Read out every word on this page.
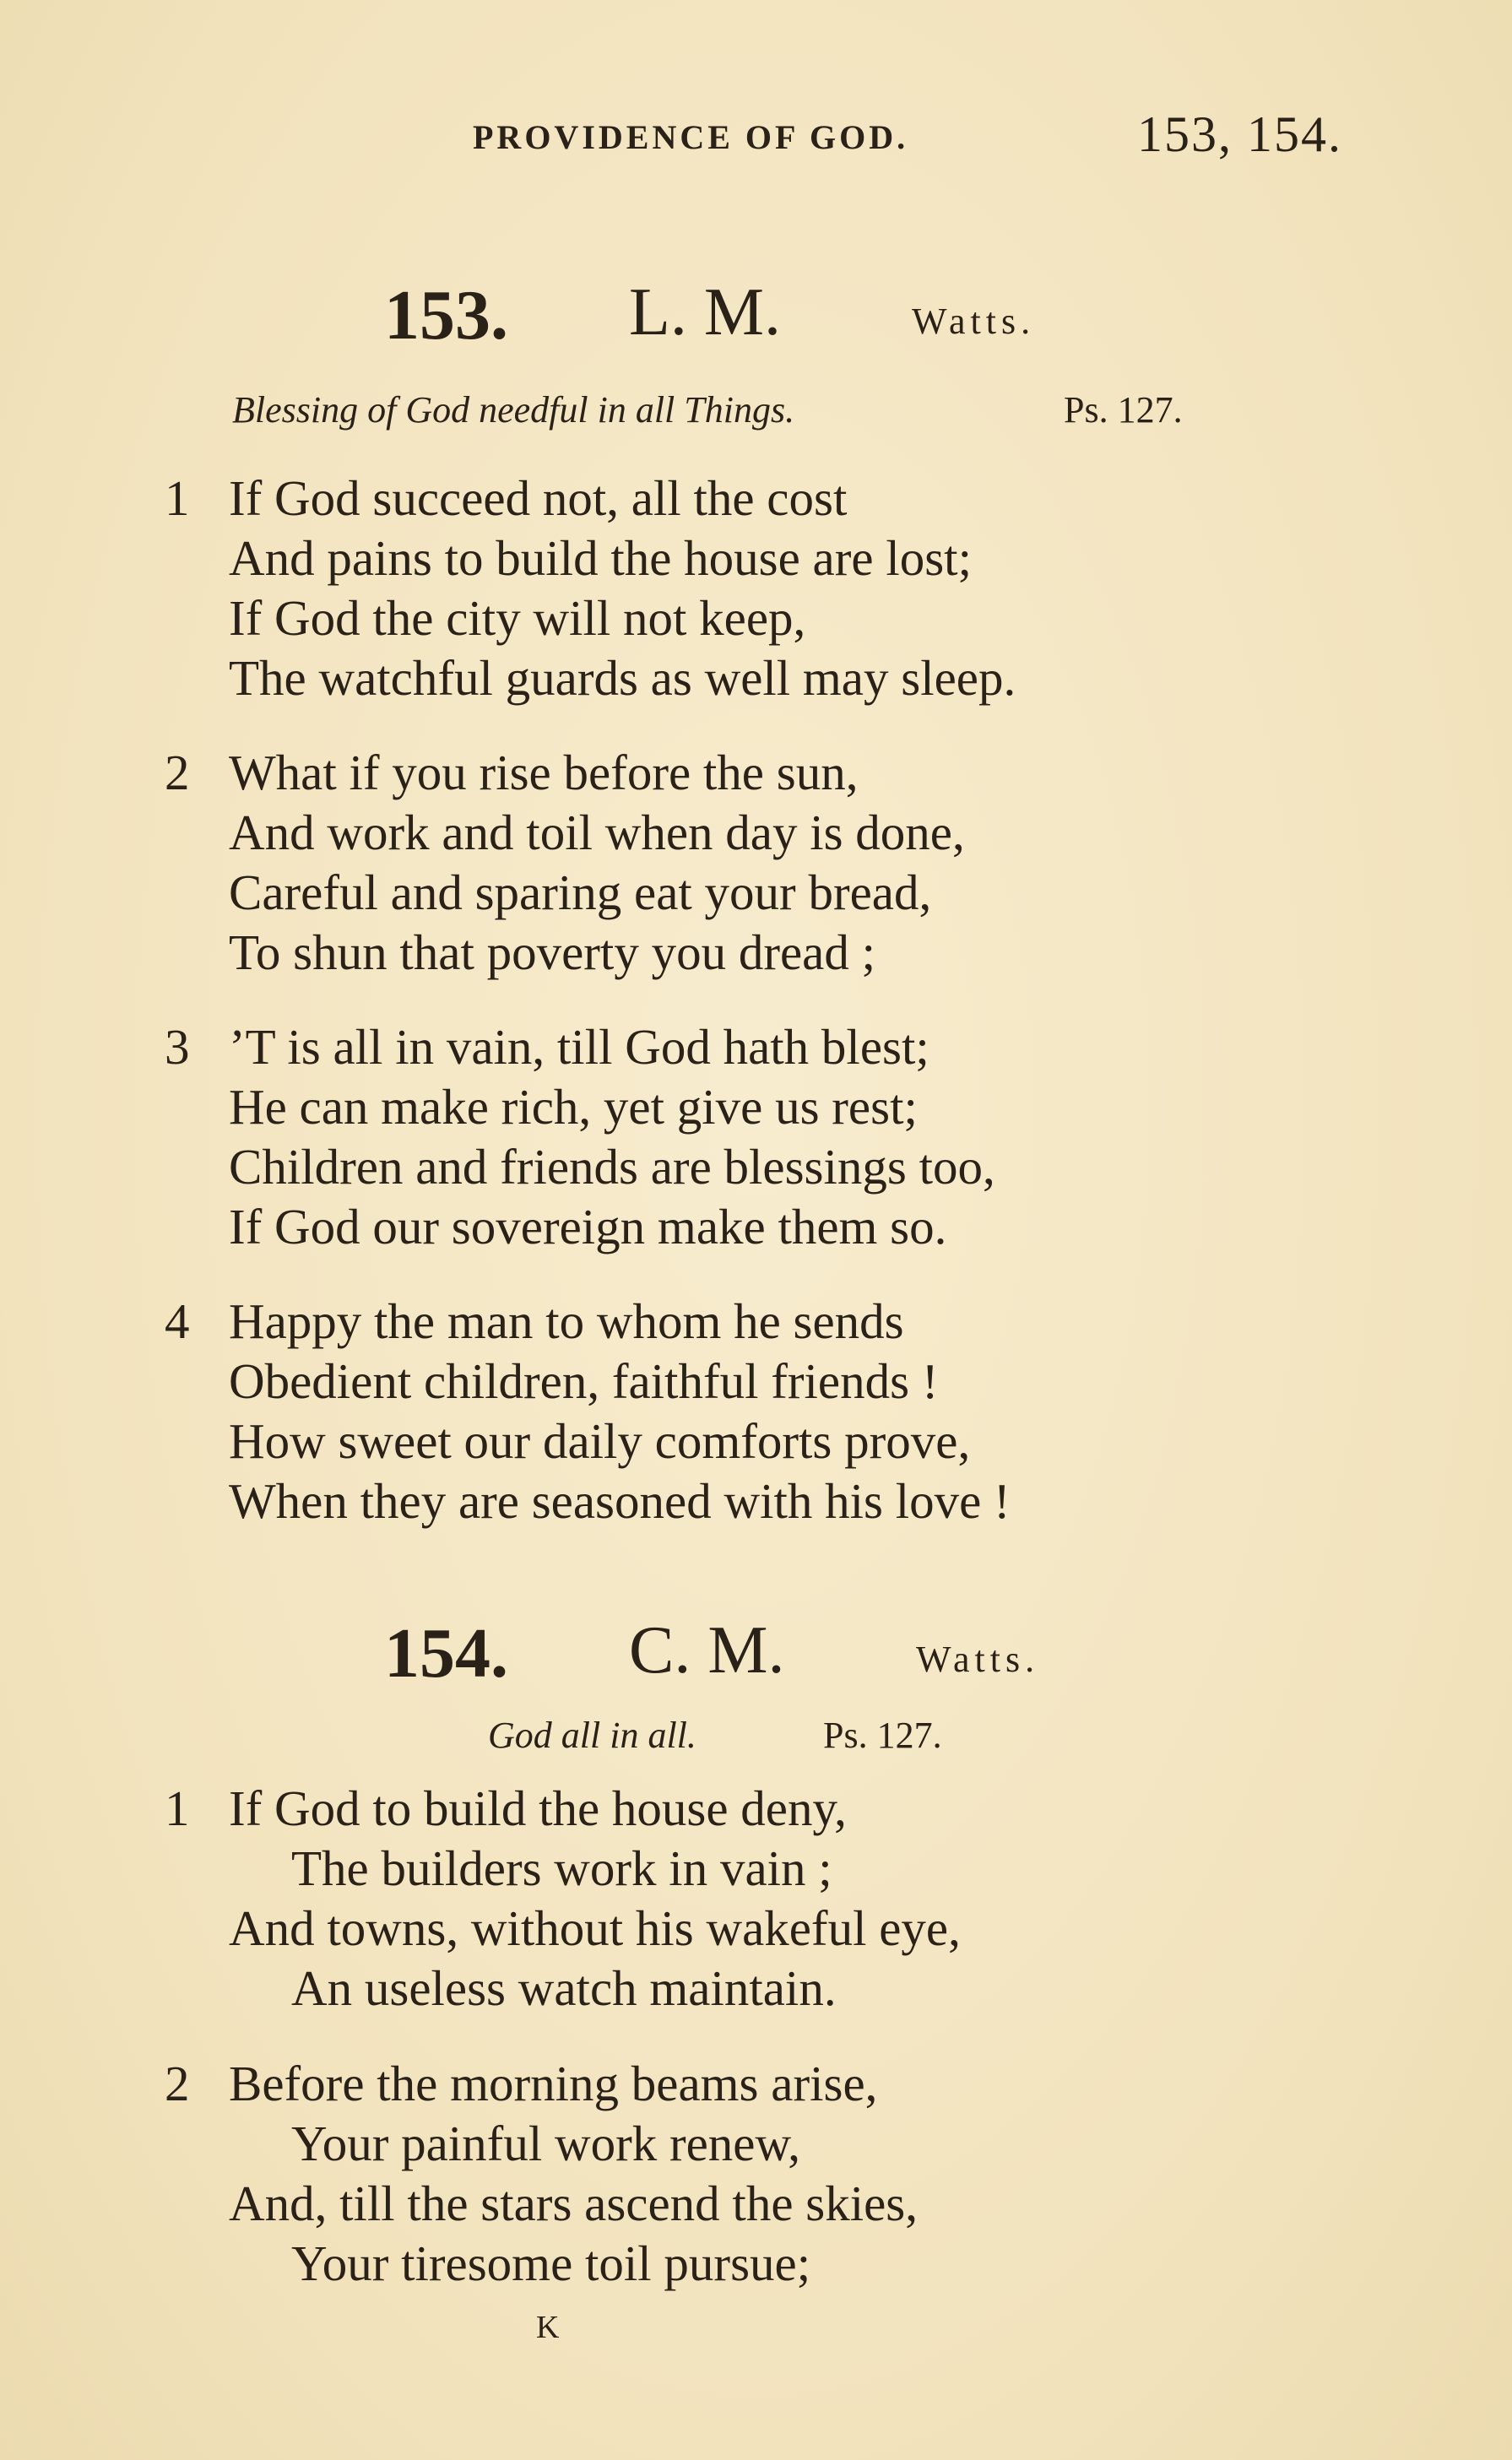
PROVIDENCE OF GOD.	153, 154.
153. L. M.	Watts.
Blessing of God needful in all Things.	Ps. 127.
1 If God succeed not, all the cost
And pains to build the house are lost;
If God the city will not keep,
The watchful guards as well may sleep.
2 What if you rise before the sun,
And work and toil when day is done,
Careful and sparing eat your bread,
To shun that poverty you dread ;
3 ’T is all in vain, till God hath blest;
He can make rich, yet give us rest;
Children and friends are blessings too,
If God our sovereign make them so.
4 Happy the man to whom he sends
Obedient children, faithful friends !
How sweet our daily comforts prove,
When they are seasoned with his love !
154. C. M.	Watts.
God all in all.	Ps. 127.
1 If God to build the house deny,
The builders work in vain ;
And towns, without his wakeful eye,
An useless watch maintain.
2 Before the morning beams arise,
Your painful work renew,
And, till the stars ascend the skies,
Your tiresome toil pursue;
K
